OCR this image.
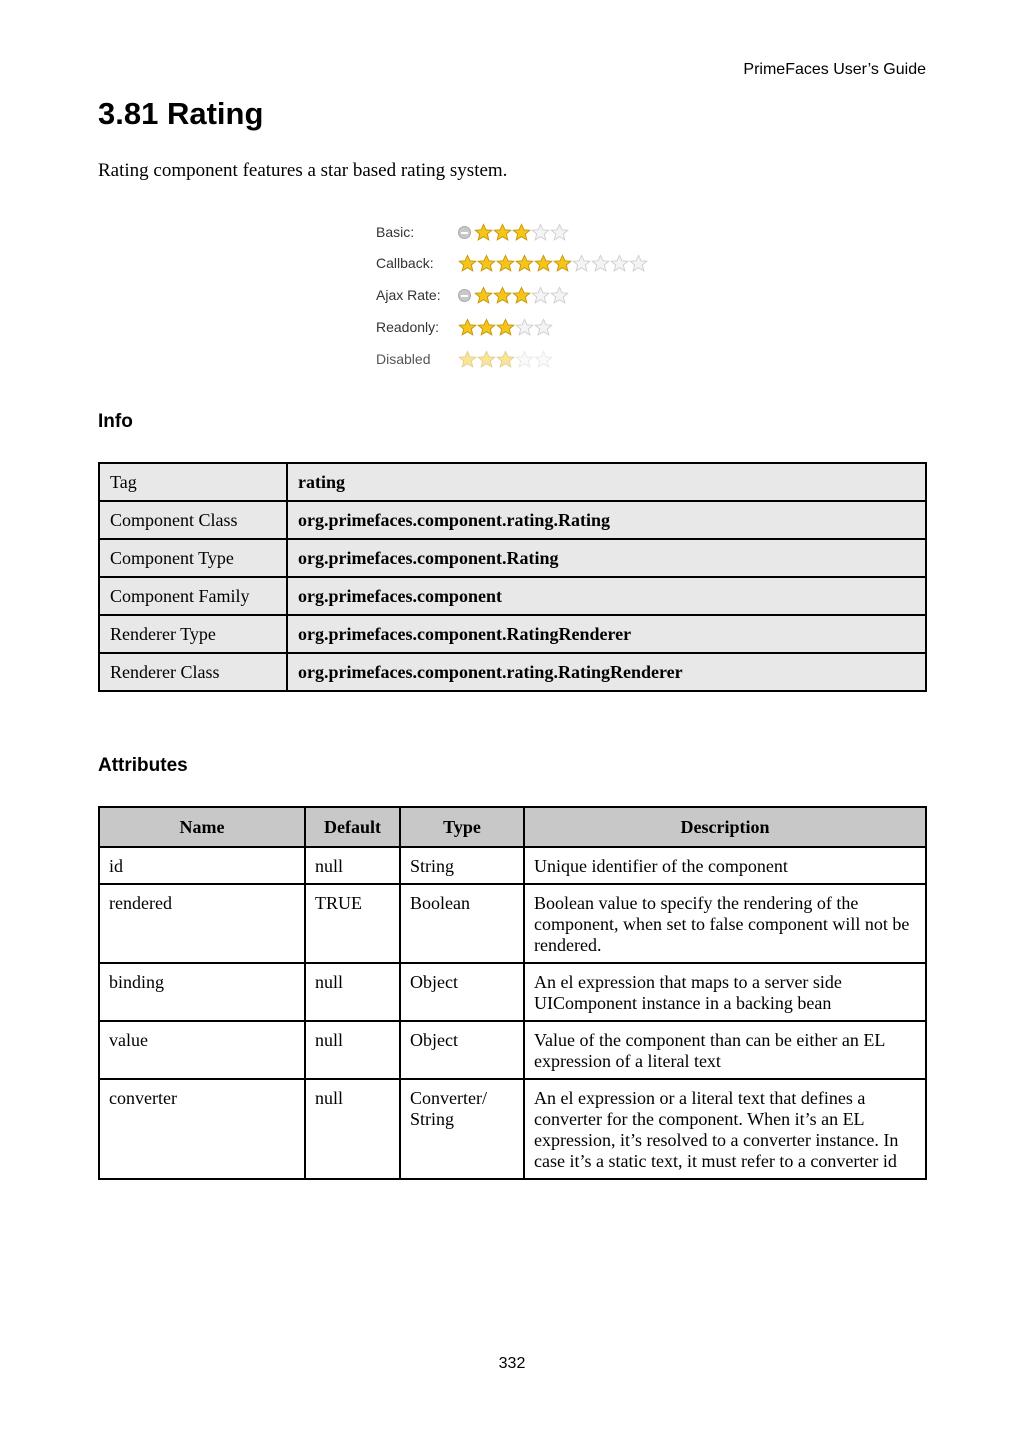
PrimeFaces User’s Guide
3.81 Rating

Rating component features a star based rating system.

Basic:
Callback:
Ajax Rate:
Readonly:
Disabled
Info
Tag	rating
Component Class	org.primefaces.component.rating.Rating
Component Type	org.primefaces.component.Rating
Component Family	org.primefaces.component
Renderer Type	org.primefaces.component.RatingRenderer
Renderer Class	org.primefaces.component.rating.RatingRenderer
Attributes
Name	Default	Type	Description
id	null	String	Unique identifier of the component
rendered	TRUE	Boolean	Boolean value to specify the rendering of the component, when set to false component will not be rendered.
binding	null	Object	An el expression that maps to a server side UIComponent instance in a backing bean
value	null	Object	Value of the component than can be either an EL expression of a literal text
converter	null	Converter/ String	An el expression or a literal text that defines a converter for the component. When it’s an EL expression, it’s resolved to a converter instance. In case it’s a static text, it must refer to a converter id
332
